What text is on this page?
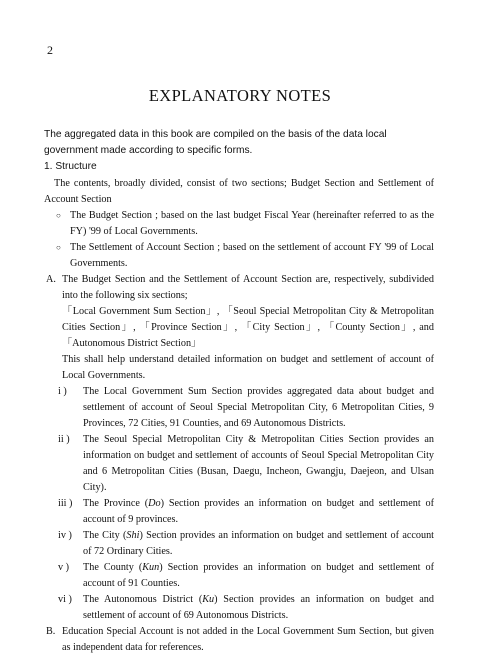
2
EXPLANATORY NOTES

The aggregated data in this book are compiled on the basis of the data local government made according to specific forms.

1. Structure

The contents, broadly divided, consist of two sections; Budget Section and Settlement of Account Section

○ The Budget Section ; based on the last budget Fiscal Year (hereinafter referred to as the FY) '99 of Local Governments.
○ The Settlement of Account Section ; based on the settlement of account FY '99 of Local Governments.
A. The Budget Section and the Settlement of Account Section are, respectively, subdivided into the following six sections;

「Local Government Sum Section」, 「Seoul Special Metropolitan City & Metropolitan Cities Section」, 「Province Section」, 「City Section」, 「County Section」, and 「Autonomous District Section」

This shall help understand detailed information on budget and settlement of account of Local Governments.

i )	The Local Government Sum Section provides aggregated data about budget and settlement of account of Seoul Special Metropolitan City, 6 Metropolitan Cities, 9 Provinces, 72 Cities, 91 Counties, and 69 Autonomous Districts.
ii )	The Seoul Special Metropolitan City & Metropolitan Cities Section provides an information on budget and settlement of accounts of Seoul Special Metropolitan City and 6 Metropolitan Cities (Busan, Daegu, Incheon, Gwangju, Daejeon, and Ulsan City).
iii )	The Province (Do) Section provides an information on budget and settlement of account of 9 provinces.
iv )	The City (Shi) Section provides an information on budget and settlement of account of 72 Ordinary Cities.
v )	The County (Kun) Section provides an information on budget and settlement of account of 91 Counties.
vi )	The Autonomous District (Ku) Section provides an information on budget and settlement of account of 69 Autonomous Districts.
B. Education Special Account is not added in the Local Government Sum Section, but given as independent data for references.
